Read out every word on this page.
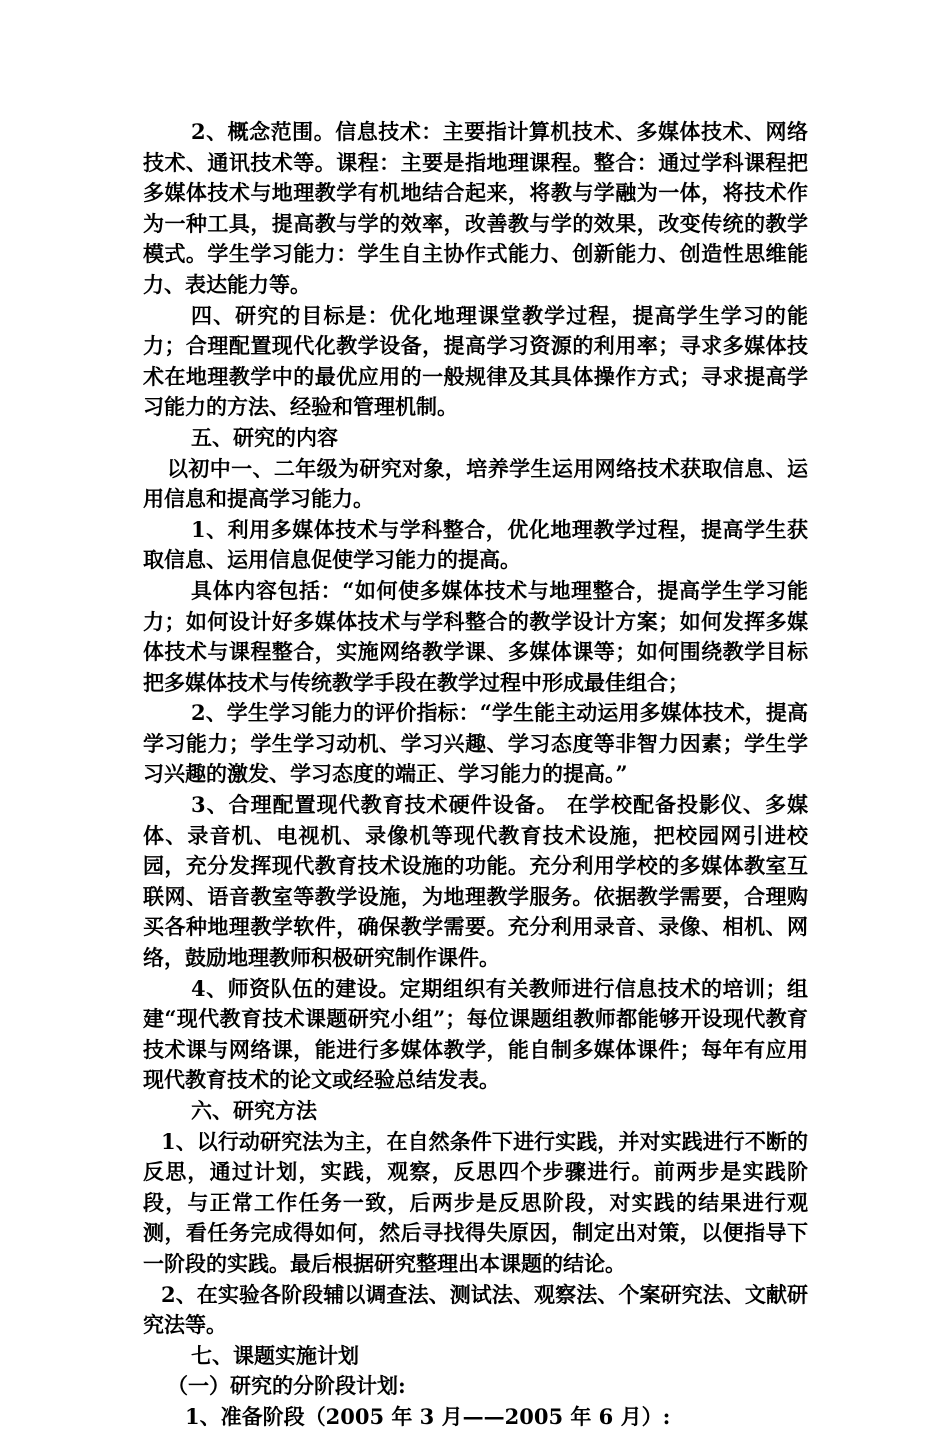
2、概念范围。信息技术：主要指计算机技术、多媒体技术、网络技术、通讯技术等。课程：主要是指地理课程。整合：通过学科课程把多媒体技术与地理教学有机地结合起来，将教与学融为一体，将技术作为一种工具，提高教与学的效率，改善教与学的效果，改变传统的教学模式。学生学习能力：学生自主协作式能力、创新能力、创造性思维能力、表达能力等。

四、研究的目标是：优化地理课堂教学过程，提高学生学习的能力；合理配置现代化教学设备，提高学习资源的利用率；寻求多媒体技术在地理教学中的最优应用的一般规律及其具体操作方式；寻求提高学习能力的方法、经验和管理机制。

五、研究的内容

以初中一、二年级为研究对象，培养学生运用网络技术获取信息、运用信息和提高学习能力。

1、利用多媒体技术与学科整合，优化地理教学过程，提高学生获取信息、运用信息促使学习能力的提高。

具体内容包括：“如何使多媒体技术与地理整合，提高学生学习能力；如何设计好多媒体技术与学科整合的教学设计方案；如何发挥多媒体技术与课程整合，实施网络教学课、多媒体课等；如何围绕教学目标把多媒体技术与传统教学手段在教学过程中形成最佳组合；

2、学生学习能力的评价指标：“学生能主动运用多媒体技术，提高学习能力；学生学习动机、学习兴趣、学习态度等非智力因素；学生学习兴趣的激发、学习态度的端正、学习能力的提高。”

3、合理配置现代教育技术硬件设备。 在学校配备投影仪、多媒体、录音机、电视机、录像机等现代教育技术设施，把校园网引进校园，充分发挥现代教育技术设施的功能。充分利用学校的多媒体教室互联网、语音教室等教学设施，为地理教学服务。依据教学需要，合理购买各种地理教学软件，确保教学需要。充分利用录音、录像、相机、网络，鼓励地理教师积极研究制作课件。

4、师资队伍的建设。定期组织有关教师进行信息技术的培训；组建“现代教育技术课题研究小组”；每位课题组教师都能够开设现代教育技术课与网络课，能进行多媒体教学，能自制多媒体课件；每年有应用现代教育技术的论文或经验总结发表。

六、研究方法

1、以行动研究法为主，在自然条件下进行实践，并对实践进行不断的反思，通过计划，实践，观察，反思四个步骤进行。前两步是实践阶段，与正常工作任务一致，后两步是反思阶段，对实践的结果进行观测，看任务完成得如何，然后寻找得失原因，制定出对策，以便指导下一阶段的实践。最后根据研究整理出本课题的结论。

2、在实验各阶段辅以调查法、测试法、观察法、个案研究法、文献研究法等。

七、课题实施计划

（一）研究的分阶段计划:

1、准备阶段（2005 年 3 月——2005 年 6 月）:
